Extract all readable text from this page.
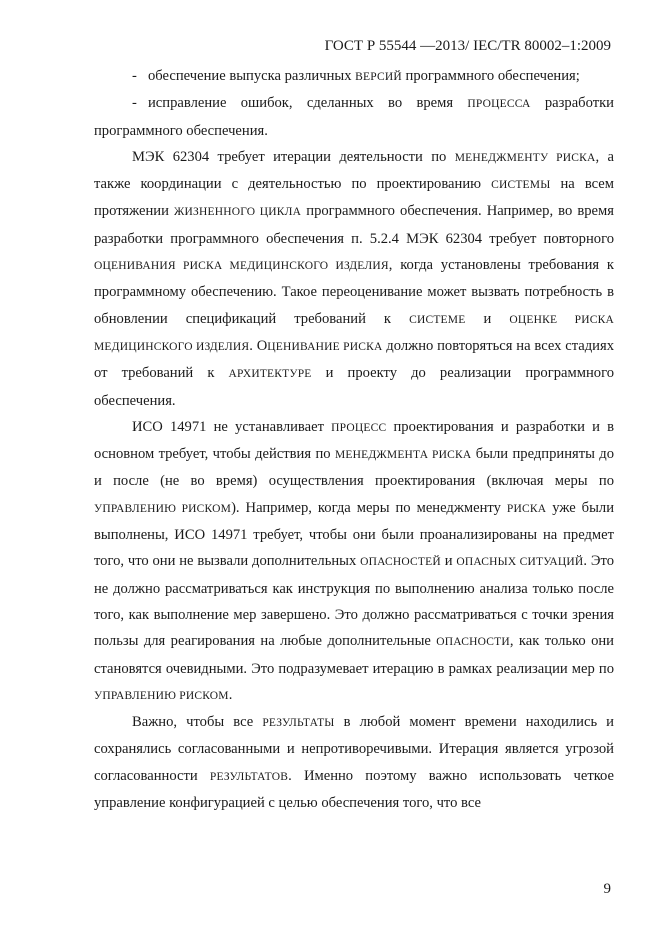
ГОСТ Р 55544 —2013/ IEC/TR 80002–1:2009

- обеспечение выпуска различных ВЕРСИЙ программного обеспечения;

- исправление ошибок, сделанных во время ПРОЦЕССА разработки программного обеспечения.

МЭК 62304 требует итерации деятельности по МЕНЕДЖМЕНТУ РИСКА, а также координации с деятельностью по проектированию СИСТЕМЫ на всем протяжении ЖИЗНЕННОГО ЦИКЛА программного обеспечения. Например, во время разработки программного обеспечения п. 5.2.4 МЭК 62304 требует повторного ОЦЕНИВАНИЯ РИСКА МЕДИЦИНСКОГО ИЗДЕЛИЯ, когда установлены требования к программному обеспечению. Такое переоценивание может вызвать потребность в обновлении спецификаций требований к СИСТЕМЕ и ОЦЕНКЕ РИСКА МЕДИЦИНСКОГО ИЗДЕЛИЯ. ОЦЕНИВАНИЕ РИСКА должно повторяться на всех стадиях от требований к АРХИТЕКТУРЕ и проекту до реализации программного обеспечения.

ИСО 14971 не устанавливает ПРОЦЕСС проектирования и разработки и в основном требует, чтобы действия по МЕНЕДЖМЕНТА РИСКА были предприняты до и после (не во время) осуществления проектирования (включая меры по УПРАВЛЕНИЮ РИСКОМ). Например, когда меры по менеджменту РИСКА уже были выполнены, ИСО 14971 требует, чтобы они были проанализированы на предмет того, что они не вызвали дополнительных ОПАСНОСТЕЙ и ОПАСНЫХ СИТУАЦИЙ. Это не должно рассматриваться как инструкция по выполнению анализа только после того, как выполнение мер завершено. Это должно рассматриваться с точки зрения пользы для реагирования на любые дополнительные ОПАСНОСТИ, как только они становятся очевидными. Это подразумевает итерацию в рамках реализации мер по УПРАВЛЕНИЮ РИСКОМ.

Важно, чтобы все РЕЗУЛЬТАТЫ в любой момент времени находились и сохранялись согласованными и непротиворечивыми. Итерация является угрозой согласованности РЕЗУЛЬТАТОВ. Именно поэтому важно использовать четкое управление конфигурацией с целью обеспечения того, что все

9
